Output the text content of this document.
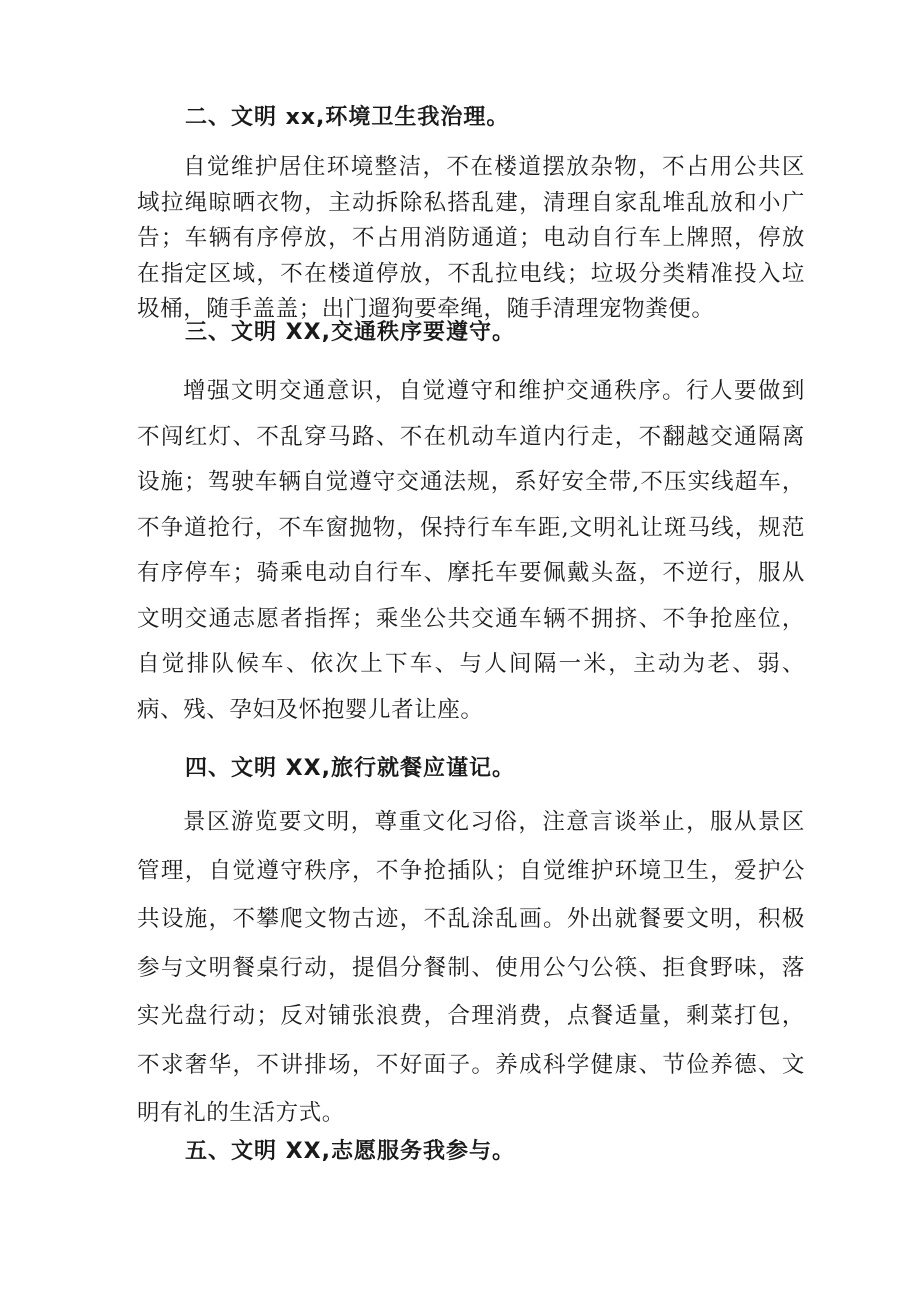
二、文明 xx,环境卫生我治理。

自觉维护居住环境整洁，不在楼道摆放杂物，不占用公共区域拉绳晾晒衣物，主动拆除私搭乱建，清理自家乱堆乱放和小广告；车辆有序停放，不占用消防通道；电动自行车上牌照，停放在指定区域，不在楼道停放，不乱拉电线；垃圾分类精准投入垃圾桶，随手盖盖；出门遛狗要牵绳，随手清理宠物粪便。

三、文明 XX,交通秩序要遵守。

增强文明交通意识，自觉遵守和维护交通秩序。行人要做到不闯红灯、不乱穿马路、不在机动车道内行走，不翻越交通隔离设施；驾驶车辆自觉遵守交通法规，系好安全带,不压实线超车，不争道抢行，不车窗抛物，保持行车车距,文明礼让斑马线，规范有序停车；骑乘电动自行车、摩托车要佩戴头盔，不逆行，服从文明交通志愿者指挥；乘坐公共交通车辆不拥挤、不争抢座位，自觉排队候车、依次上下车、与人间隔一米，主动为老、弱、病、残、孕妇及怀抱婴儿者让座。

四、文明 XX,旅行就餐应谨记。

景区游览要文明，尊重文化习俗，注意言谈举止，服从景区管理，自觉遵守秩序，不争抢插队；自觉维护环境卫生，爱护公共设施，不攀爬文物古迹，不乱涂乱画。外出就餐要文明，积极参与文明餐桌行动，提倡分餐制、使用公勺公筷、拒食野味，落实光盘行动；反对铺张浪费，合理消费，点餐适量，剩菜打包，不求奢华，不讲排场，不好面子。养成科学健康、节俭养德、文明有礼的生活方式。

五、文明 XX,志愿服务我参与。
